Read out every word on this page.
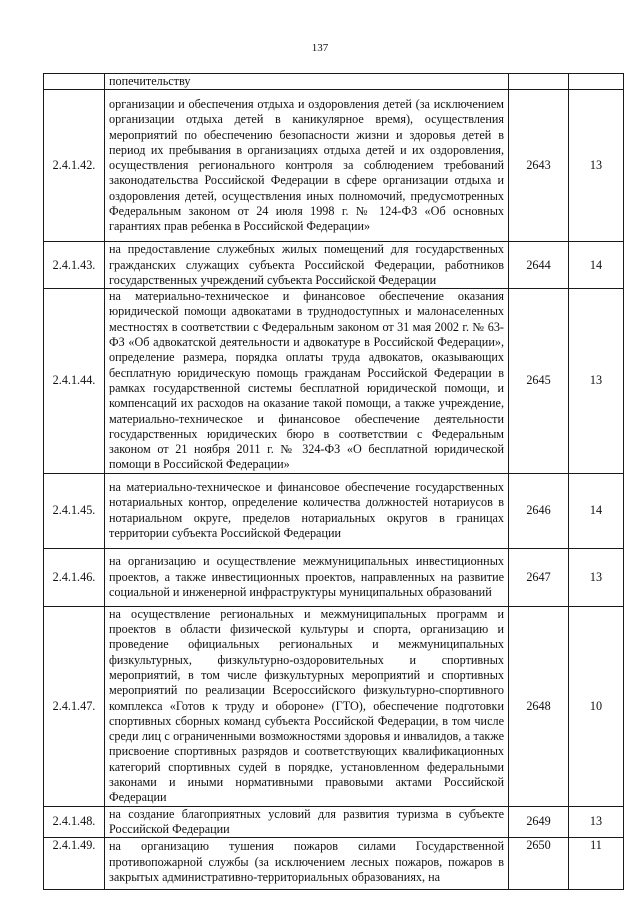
137
	попечительству		
2.4.1.42.	организации и обеспечения отдыха и оздоровления детей (за исключением организации отдыха детей в каникулярное время), осуществления мероприятий по обеспечению безопасности жизни и здоровья детей в период их пребывания в организациях отдыха детей и их оздоровления, осуществления регионального контроля за соблюдением требований законодательства Российской Федерации в сфере организации отдыха и оздоровления детей, осуществления иных полномочий, предусмотренных Федеральным законом от 24 июля 1998 г. № 124-ФЗ «Об основных гарантиях прав ребенка в Российской Федерации»	2643	13
2.4.1.43.	на предоставление служебных жилых помещений для государственных гражданских служащих субъекта Российской Федерации, работников государственных учреждений субъекта Российской Федерации	2644	14
2.4.1.44.	на материально-техническое и финансовое обеспечение оказания юридической помощи адвокатами в труднодоступных и малонаселенных местностях в соответствии с Федеральным законом от 31 мая 2002 г. № 63-ФЗ «Об адвокатской деятельности и адвокатуре в Российской Федерации», определение размера, порядка оплаты труда адвокатов, оказывающих бесплатную юридическую помощь гражданам Российской Федерации в рамках государственной системы бесплатной юридической помощи, и компенсаций их расходов на оказание такой помощи, а также учреждение, материально-техническое и финансовое обеспечение деятельности государственных юридических бюро в соответствии с Федеральным законом от 21 ноября 2011 г. № 324-ФЗ «О бесплатной юридической помощи в Российской Федерации»	2645	13
2.4.1.45.	на материально-техническое и финансовое обеспечение государственных нотариальных контор, определение количества должностей нотариусов в нотариальном округе, пределов нотариальных округов в границах территории субъекта Российской Федерации	2646	14
2.4.1.46.	на организацию и осуществление межмуниципальных инвестиционных проектов, а также инвестиционных проектов, направленных на развитие социальной и инженерной инфраструктуры муниципальных образований	2647	13
2.4.1.47.	на осуществление региональных и межмуниципальных программ и проектов в области физической культуры и спорта, организацию и проведение официальных региональных и межмуниципальных физкультурных, физкультурно-оздоровительных и спортивных мероприятий, в том числе физкультурных мероприятий и спортивных мероприятий по реализации Всероссийского физкультурно-спортивного комплекса «Готов к труду и обороне» (ГТО), обеспечение подготовки спортивных сборных команд субъекта Российской Федерации, в том числе среди лиц с ограниченными возможностями здоровья и инвалидов, а также присвоение спортивных разрядов и соответствующих квалификационных категорий спортивных судей в порядке, установленном федеральными законами и иными нормативными правовыми актами Российской Федерации	2648	10
2.4.1.48.	на создание благоприятных условий для развития туризма в субъекте Российской Федерации	2649	13
2.4.1.49.	на организацию тушения пожаров силами Государственной противопожарной службы (за исключением лесных пожаров, пожаров в закрытых административно-территориальных образованиях, на	2650	11
